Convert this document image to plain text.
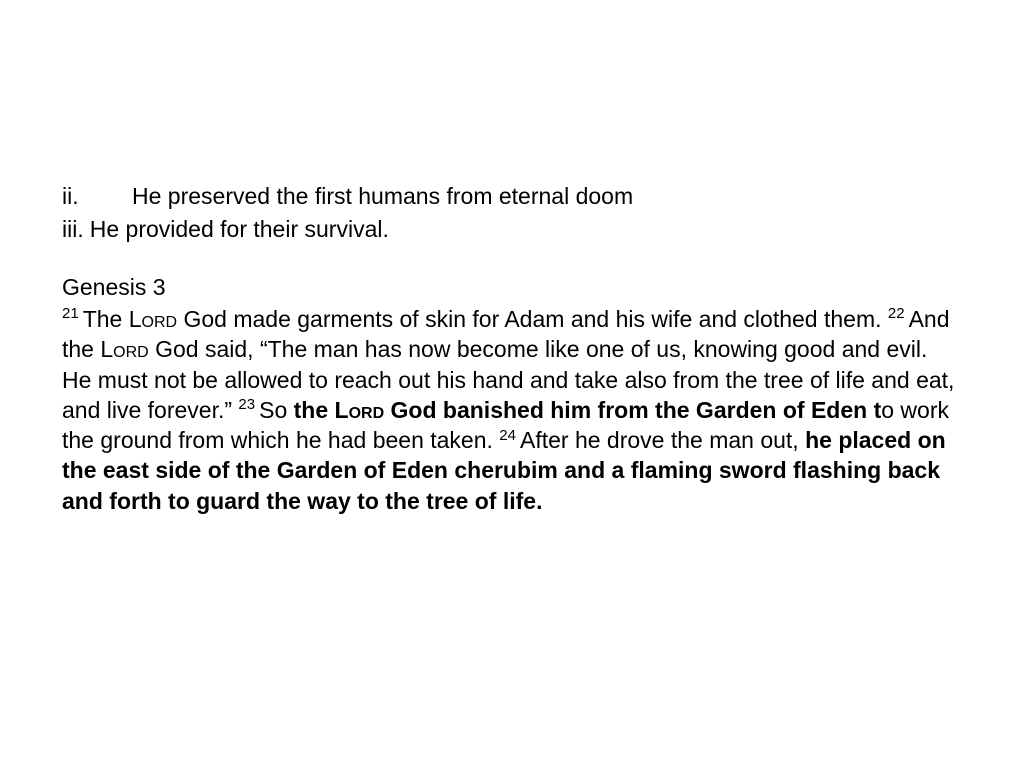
ii. He preserved the first humans from eternal doom
iii. He provided for their survival.
Genesis 3
$^{21}$ The Lord God made garments of skin for Adam and his wife and clothed them. $^{22}$ And the Lord God said, “The man has now become like one of us, knowing good and evil. He must not be allowed to reach out his hand and take also from the tree of life and eat, and live forever.” $^{23}$ So the Lord God banished him from the Garden of Eden to work the ground from which he had been taken. $^{24}$ After he drove the man out, he placed on the east side of the Garden of Eden cherubim and a flaming sword flashing back and forth to guard the way to the tree of life.
